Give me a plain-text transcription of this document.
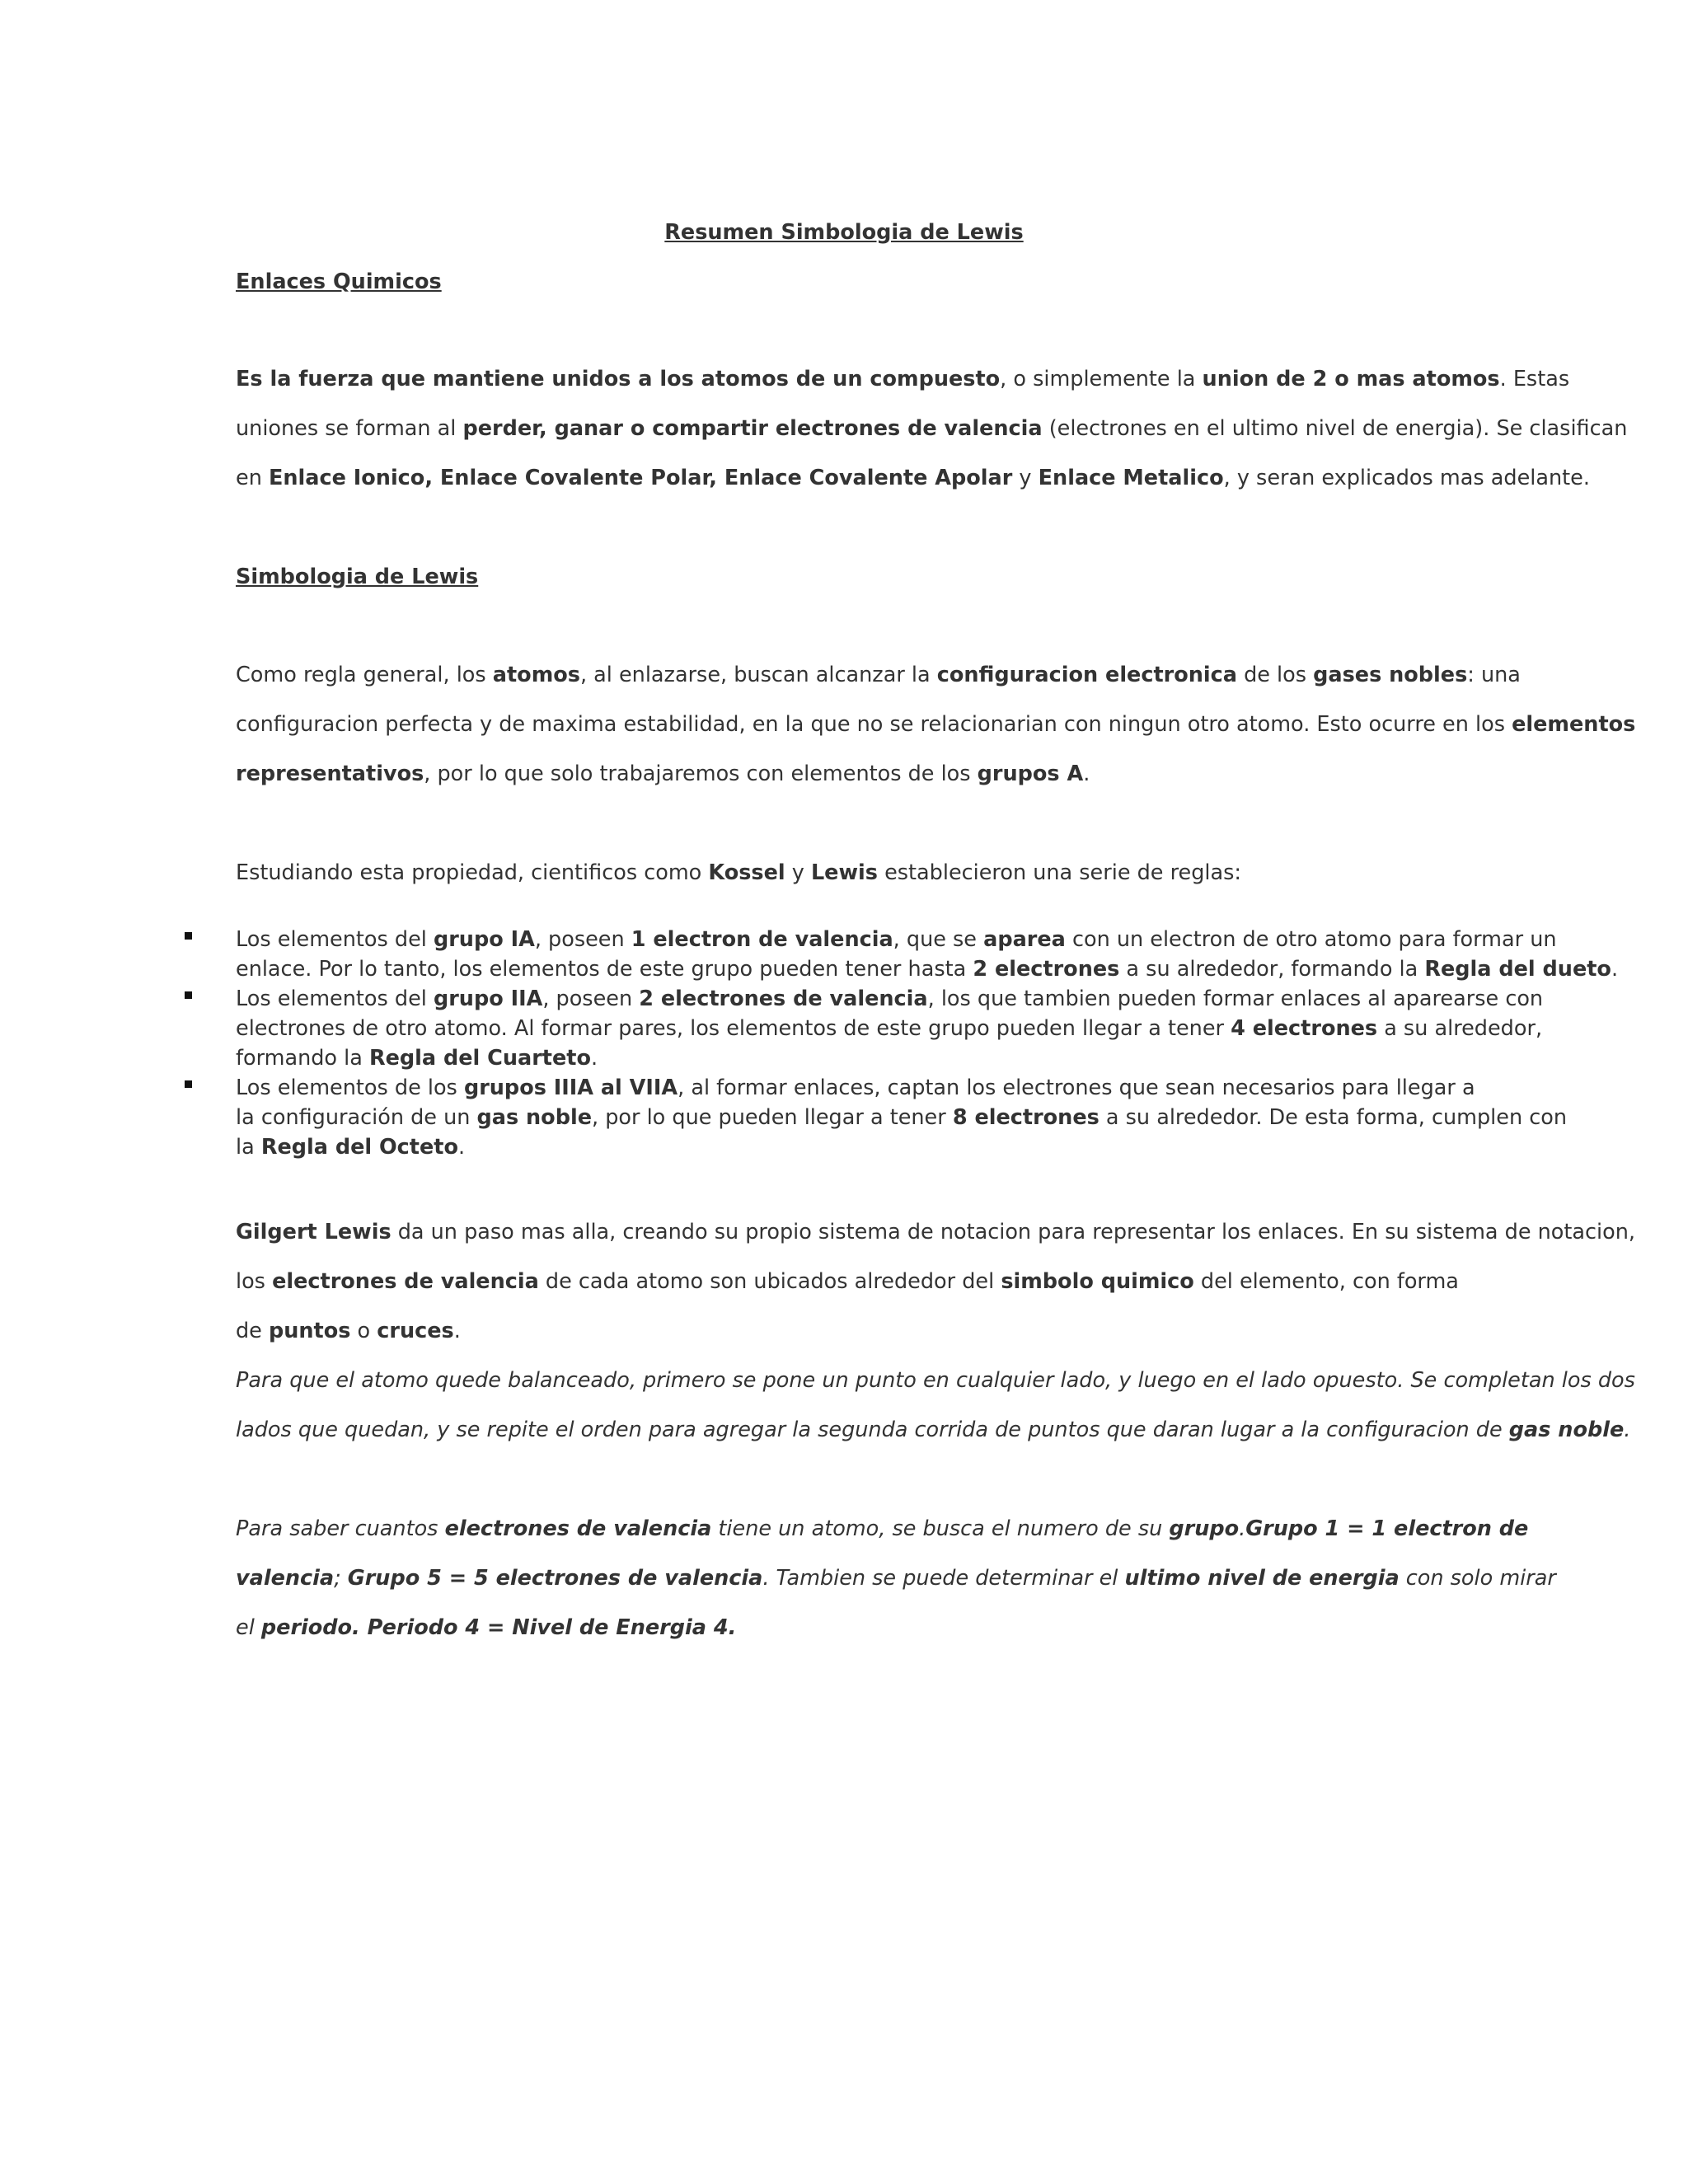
Resumen Simbologia de Lewis
Enlaces Quimicos
Es la fuerza que mantiene unidos a los atomos de un compuesto, o simplemente la union de 2 o mas atomos. Estas
uniones se forman al perder, ganar o compartir electrones de valencia (electrones en el ultimo nivel de energia). Se clasifican
en Enlace Ionico, Enlace Covalente Polar, Enlace Covalente Apolar y Enlace Metalico, y seran explicados mas adelante.
Simbologia de Lewis
Como regla general, los atomos, al enlazarse, buscan alcanzar la configuracion electronica de los gases nobles: una
configuracion perfecta y de maxima estabilidad, en la que no se relacionarian con ningun otro atomo. Esto ocurre en los elementos
representativos, por lo que solo trabajaremos con elementos de los grupos A.
Estudiando esta propiedad, cientificos como Kossel y Lewis establecieron una serie de reglas:
Los elementos del grupo IA, poseen 1 electron de valencia, que se aparea con un electron de otro atomo para formar un
enlace. Por lo tanto, los elementos de este grupo pueden tener hasta 2 electrones a su alrededor, formando la Regla del dueto.
Los elementos del grupo IIA, poseen 2 electrones de valencia, los que tambien pueden formar enlaces al aparearse con
electrones de otro atomo. Al formar pares, los elementos de este grupo pueden llegar a tener 4 electrones a su alrededor,
formando la Regla del Cuarteto.
Los elementos de los grupos IIIA al VIIA, al formar enlaces, captan los electrones que sean necesarios para llegar a
la configuración de un gas noble, por lo que pueden llegar a tener 8 electrones a su alrededor. De esta forma, cumplen con
la Regla del Octeto.
Gilgert Lewis da un paso mas alla, creando su propio sistema de notacion para representar los enlaces. En su sistema de notacion,
los electrones de valencia de cada atomo son ubicados alrededor del simbolo quimico del elemento, con forma
de puntos o cruces.
Para que el atomo quede balanceado, primero se pone un punto en cualquier lado, y luego en el lado opuesto. Se completan los dos
lados que quedan, y se repite el orden para agregar la segunda corrida de puntos que daran lugar a la configuracion de gas noble.
Para saber cuantos electrones de valencia tiene un atomo, se busca el numero de su grupo.Grupo 1 = 1 electron de
valencia; Grupo 5 = 5 electrones de valencia. Tambien se puede determinar el ultimo nivel de energia con solo mirar
el periodo. Periodo 4 = Nivel de Energia 4.
